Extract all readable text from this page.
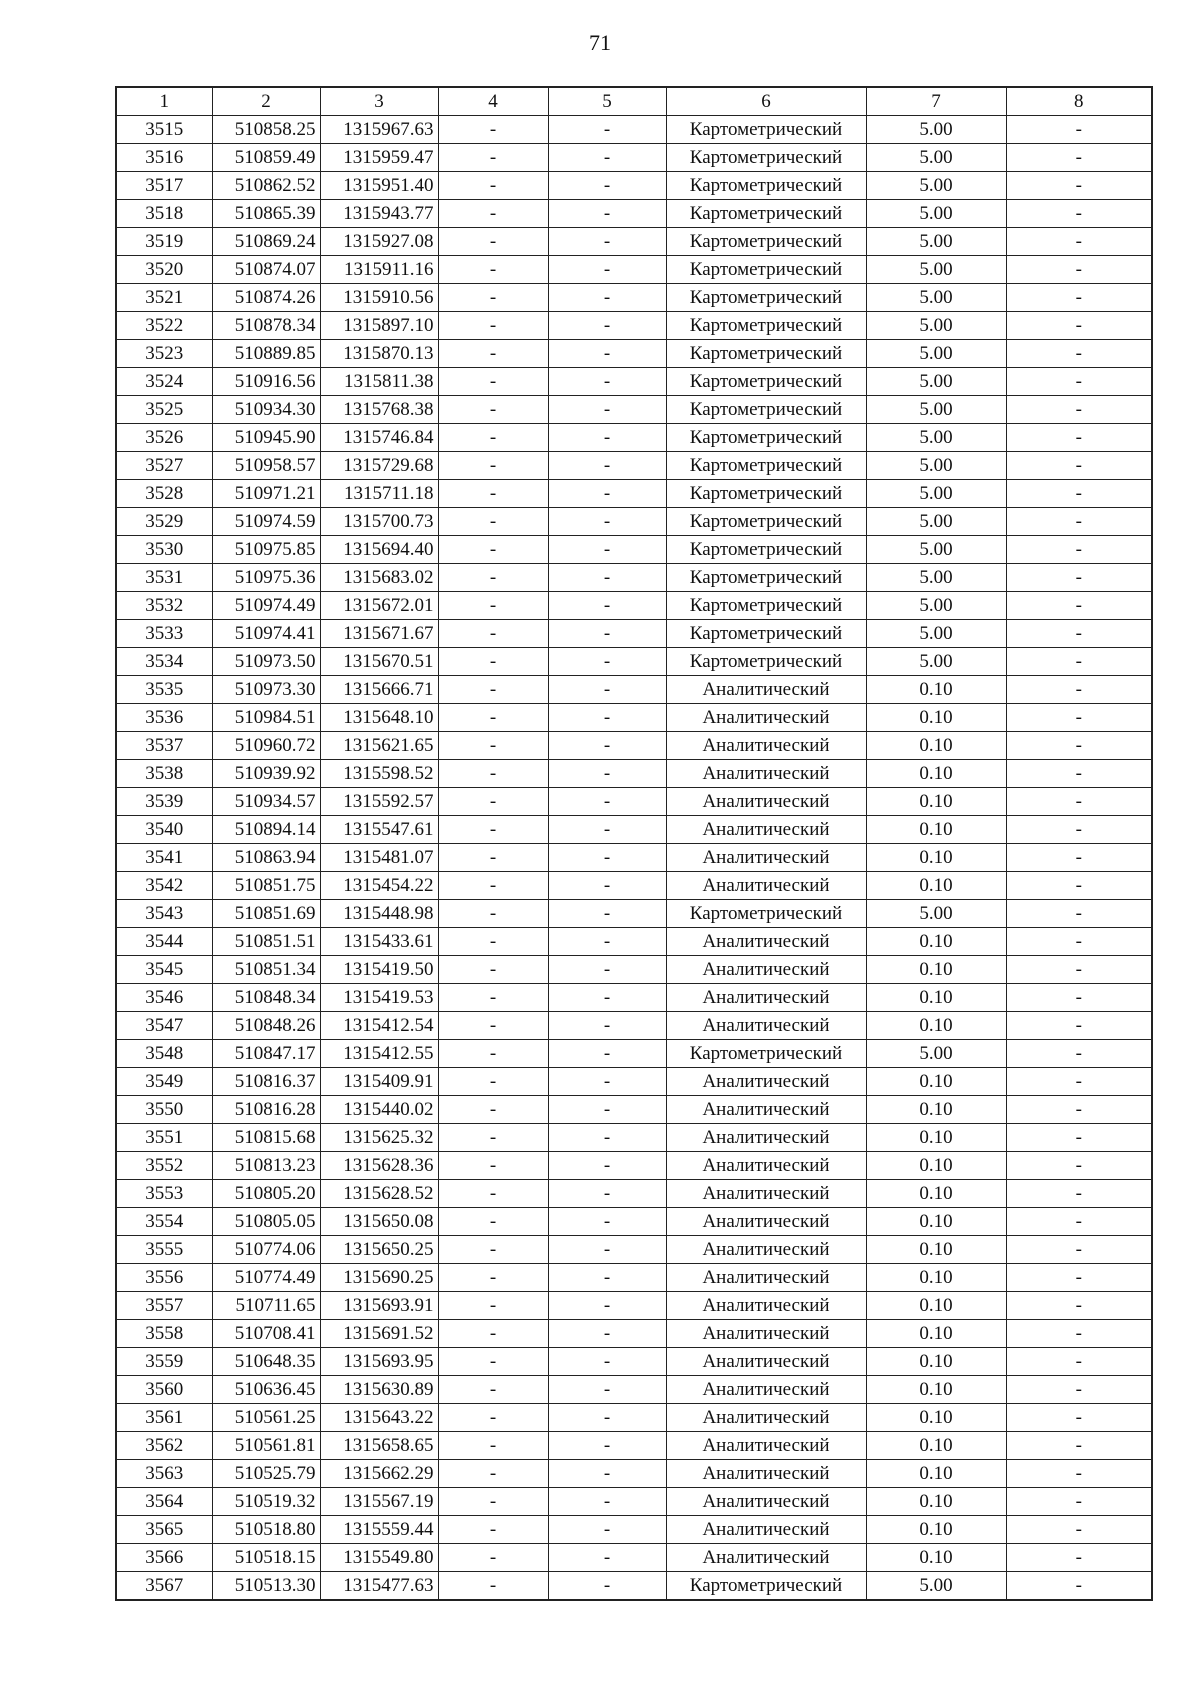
71
1	2	3	4	5	6	7	8
3515	510858.25	1315967.63	-	-	Картометрический	5.00	-
3516	510859.49	1315959.47	-	-	Картометрический	5.00	-
3517	510862.52	1315951.40	-	-	Картометрический	5.00	-
3518	510865.39	1315943.77	-	-	Картометрический	5.00	-
3519	510869.24	1315927.08	-	-	Картометрический	5.00	-
3520	510874.07	1315911.16	-	-	Картометрический	5.00	-
3521	510874.26	1315910.56	-	-	Картометрический	5.00	-
3522	510878.34	1315897.10	-	-	Картометрический	5.00	-
3523	510889.85	1315870.13	-	-	Картометрический	5.00	-
3524	510916.56	1315811.38	-	-	Картометрический	5.00	-
3525	510934.30	1315768.38	-	-	Картометрический	5.00	-
3526	510945.90	1315746.84	-	-	Картометрический	5.00	-
3527	510958.57	1315729.68	-	-	Картометрический	5.00	-
3528	510971.21	1315711.18	-	-	Картометрический	5.00	-
3529	510974.59	1315700.73	-	-	Картометрический	5.00	-
3530	510975.85	1315694.40	-	-	Картометрический	5.00	-
3531	510975.36	1315683.02	-	-	Картометрический	5.00	-
3532	510974.49	1315672.01	-	-	Картометрический	5.00	-
3533	510974.41	1315671.67	-	-	Картометрический	5.00	-
3534	510973.50	1315670.51	-	-	Картометрический	5.00	-
3535	510973.30	1315666.71	-	-	Аналитический	0.10	-
3536	510984.51	1315648.10	-	-	Аналитический	0.10	-
3537	510960.72	1315621.65	-	-	Аналитический	0.10	-
3538	510939.92	1315598.52	-	-	Аналитический	0.10	-
3539	510934.57	1315592.57	-	-	Аналитический	0.10	-
3540	510894.14	1315547.61	-	-	Аналитический	0.10	-
3541	510863.94	1315481.07	-	-	Аналитический	0.10	-
3542	510851.75	1315454.22	-	-	Аналитический	0.10	-
3543	510851.69	1315448.98	-	-	Картометрический	5.00	-
3544	510851.51	1315433.61	-	-	Аналитический	0.10	-
3545	510851.34	1315419.50	-	-	Аналитический	0.10	-
3546	510848.34	1315419.53	-	-	Аналитический	0.10	-
3547	510848.26	1315412.54	-	-	Аналитический	0.10	-
3548	510847.17	1315412.55	-	-	Картометрический	5.00	-
3549	510816.37	1315409.91	-	-	Аналитический	0.10	-
3550	510816.28	1315440.02	-	-	Аналитический	0.10	-
3551	510815.68	1315625.32	-	-	Аналитический	0.10	-
3552	510813.23	1315628.36	-	-	Аналитический	0.10	-
3553	510805.20	1315628.52	-	-	Аналитический	0.10	-
3554	510805.05	1315650.08	-	-	Аналитический	0.10	-
3555	510774.06	1315650.25	-	-	Аналитический	0.10	-
3556	510774.49	1315690.25	-	-	Аналитический	0.10	-
3557	510711.65	1315693.91	-	-	Аналитический	0.10	-
3558	510708.41	1315691.52	-	-	Аналитический	0.10	-
3559	510648.35	1315693.95	-	-	Аналитический	0.10	-
3560	510636.45	1315630.89	-	-	Аналитический	0.10	-
3561	510561.25	1315643.22	-	-	Аналитический	0.10	-
3562	510561.81	1315658.65	-	-	Аналитический	0.10	-
3563	510525.79	1315662.29	-	-	Аналитический	0.10	-
3564	510519.32	1315567.19	-	-	Аналитический	0.10	-
3565	510518.80	1315559.44	-	-	Аналитический	0.10	-
3566	510518.15	1315549.80	-	-	Аналитический	0.10	-
3567	510513.30	1315477.63	-	-	Картометрический	5.00	-
